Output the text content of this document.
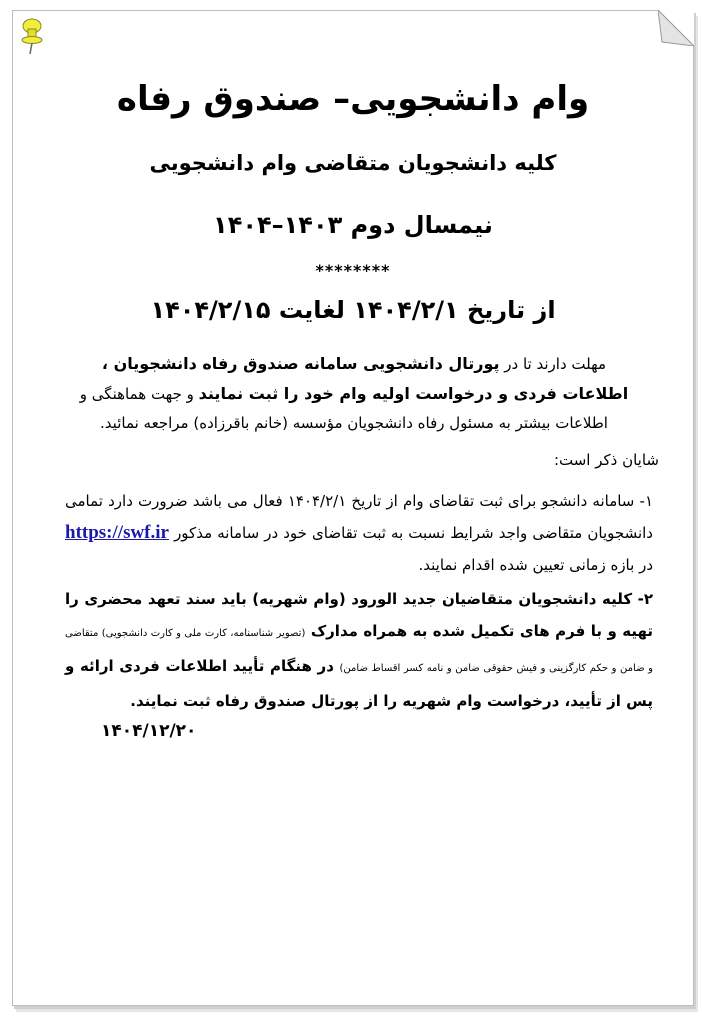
وام دانشجویی– صندوق رفاه
کلیه دانشجویان متقاضی وام دانشجویی
نیمسال دوم ۱۴۰۳–۱۴۰۴
********
از تاریخ ۱۴۰۴/۲/۱ لغایت ۱۴۰۴/۲/۱۵
مهلت دارند تا در پورتال دانشجویی سامانه صندوق رفاه دانشجویان ، اطلاعات فردی و درخواست اولیه وام خود را ثبت نمایند و جهت هماهنگی و اطلاعات بیشتر به مسئول رفاه دانشجویان مؤسسه (خانم باقرزاده) مراجعه نمائید.
شایان ذکر است:
۱- سامانه دانشجو برای ثبت تقاضای وام از تاریخ ۱۴۰۴/۲/۱ فعال می باشد ضرورت دارد تمامی دانشجویان متقاضی واجد شرایط نسبت به ثبت تقاضای خود در سامانه مذکور https://swf.ir در بازه زمانی تعیین شده اقدام نمایند.
۲- کلیه دانشجویان متقاضیان جدید الورود (وام شهریه) باید سند تعهد محضری را تهیه و با فرم های تکمیل شده به همراه مدارک (تصویر شناسنامه، کارت ملی و کارت دانشجویی) متقاضی و ضامن و حکم کارگزینی و فیش حقوقی ضامن و نامه کسر اقساط ضامن) در هنگام تأیید اطلاعات فردی ارائه و پس از تأیید، درخواست وام شهریه را از پورتال صندوق رفاه ثبت نمایند.
۱۴۰۴/۱۲/۲۰
